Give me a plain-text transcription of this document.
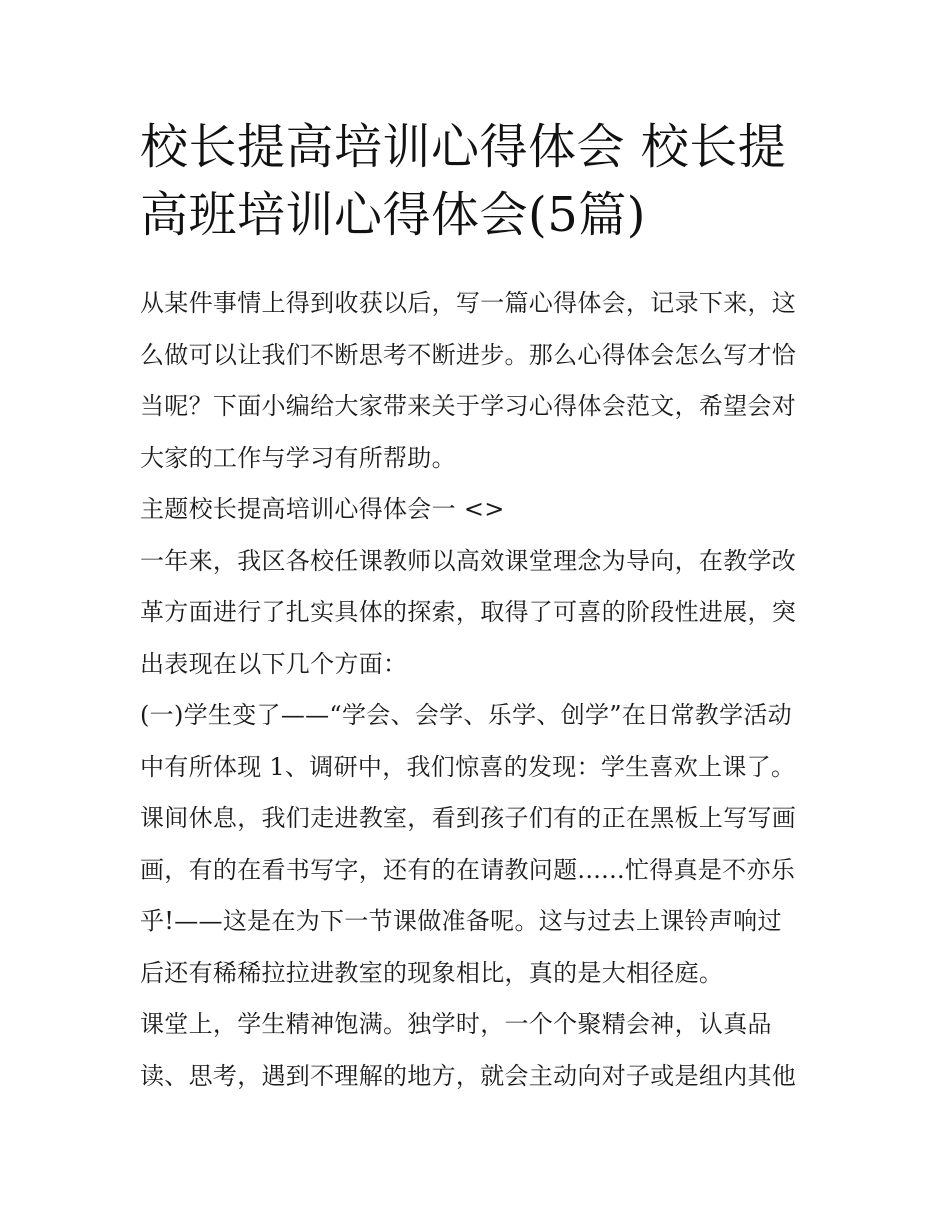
校长提高培训心得体会 校长提
高班培训心得体会(5篇)
从某件事情上得到收获以后，写一篇心得体会，记录下来，这
么做可以让我们不断思考不断进步。那么心得体会怎么写才恰
当呢？下面小编给大家带来关于学习心得体会范文，希望会对
大家的工作与学习有所帮助。
主题校长提高培训心得体会一 <>
一年来，我区各校任课教师以高效课堂理念为导向，在教学改
革方面进行了扎实具体的探索，取得了可喜的阶段性进展，突
出表现在以下几个方面：
(一)学生变了——“学会、会学、乐学、创学”在日常教学活动
中有所体现 1、调研中，我们惊喜的发现：学生喜欢上课了。
课间休息，我们走进教室，看到孩子们有的正在黑板上写写画
画，有的在看书写字，还有的在请教问题......忙得真是不亦乐
乎!——这是在为下一节课做准备呢。这与过去上课铃声响过
后还有稀稀拉拉进教室的现象相比，真的是大相径庭。
课堂上，学生精神饱满。独学时，一个个聚精会神，认真品
读、思考，遇到不理解的地方，就会主动向对子或是组内其他
